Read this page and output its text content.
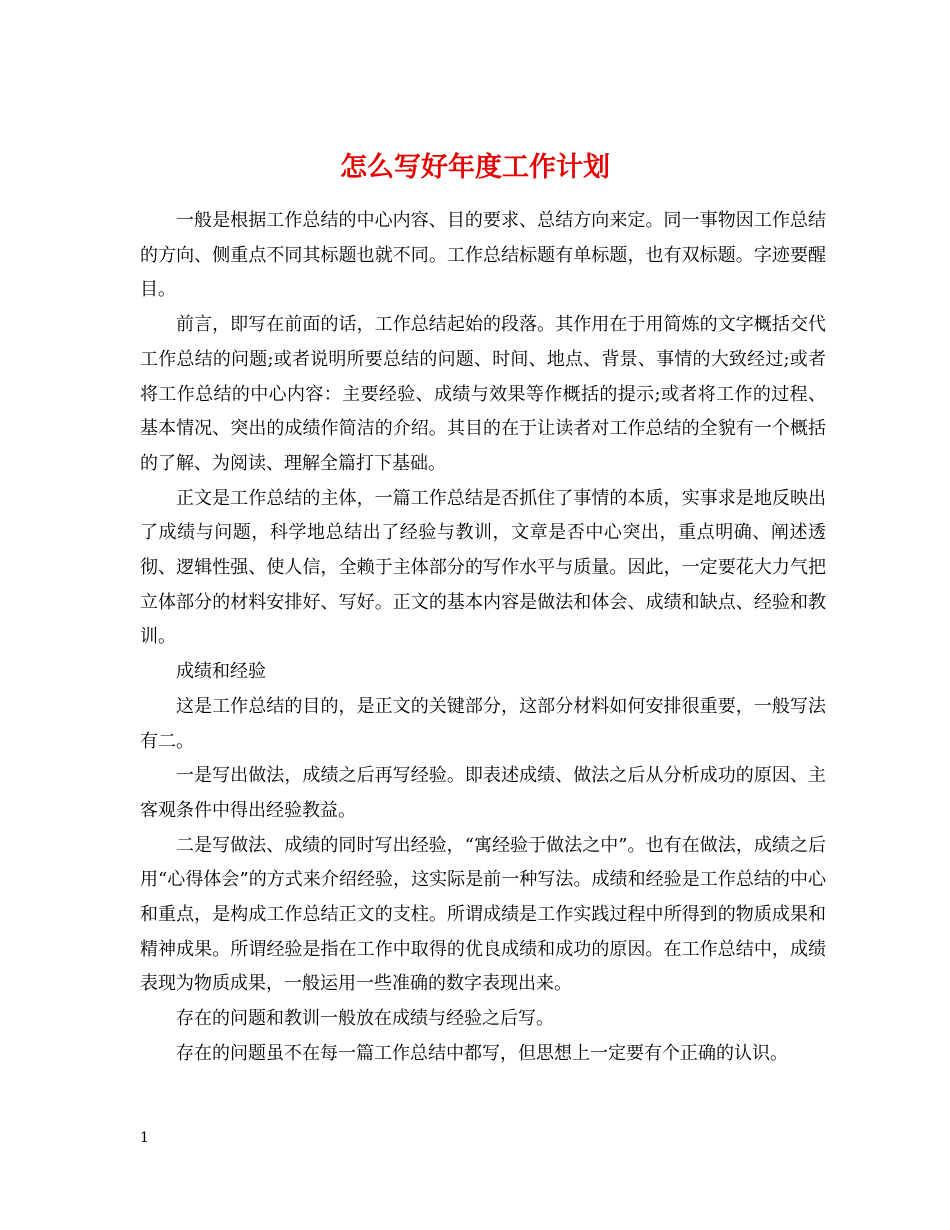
怎么写好年度工作计划

一般是根据工作总结的中心内容、目的要求、总结方向来定。同一事物因工作总结的方向、侧重点不同其标题也就不同。工作总结标题有单标题，也有双标题。字迹要醒目。

前言，即写在前面的话，工作总结起始的段落。其作用在于用简炼的文字概括交代工作总结的问题;或者说明所要总结的问题、时间、地点、背景、事情的大致经过;或者将工作总结的中心内容：主要经验、成绩与效果等作概括的提示;或者将工作的过程、基本情况、突出的成绩作简洁的介绍。其目的在于让读者对工作总结的全貌有一个概括的了解、为阅读、理解全篇打下基础。

正文是工作总结的主体，一篇工作总结是否抓住了事情的本质，实事求是地反映出了成绩与问题，科学地总结出了经验与教训，文章是否中心突出，重点明确、阐述透彻、逻辑性强、使人信，全赖于主体部分的写作水平与质量。因此，一定要花大力气把立体部分的材料安排好、写好。正文的基本内容是做法和体会、成绩和缺点、经验和教训。

成绩和经验

这是工作总结的目的，是正文的关键部分，这部分材料如何安排很重要，一般写法有二。

一是写出做法，成绩之后再写经验。即表述成绩、做法之后从分析成功的原因、主客观条件中得出经验教益。

二是写做法、成绩的同时写出经验，“寓经验于做法之中”。也有在做法，成绩之后用“心得体会”的方式来介绍经验，这实际是前一种写法。成绩和经验是工作总结的中心和重点，是构成工作总结正文的支柱。所谓成绩是工作实践过程中所得到的物质成果和精神成果。所谓经验是指在工作中取得的优良成绩和成功的原因。在工作总结中，成绩表现为物质成果，一般运用一些准确的数字表现出来。

存在的问题和教训一般放在成绩与经验之后写。

存在的问题虽不在每一篇工作总结中都写，但思想上一定要有个正确的认识。

1
